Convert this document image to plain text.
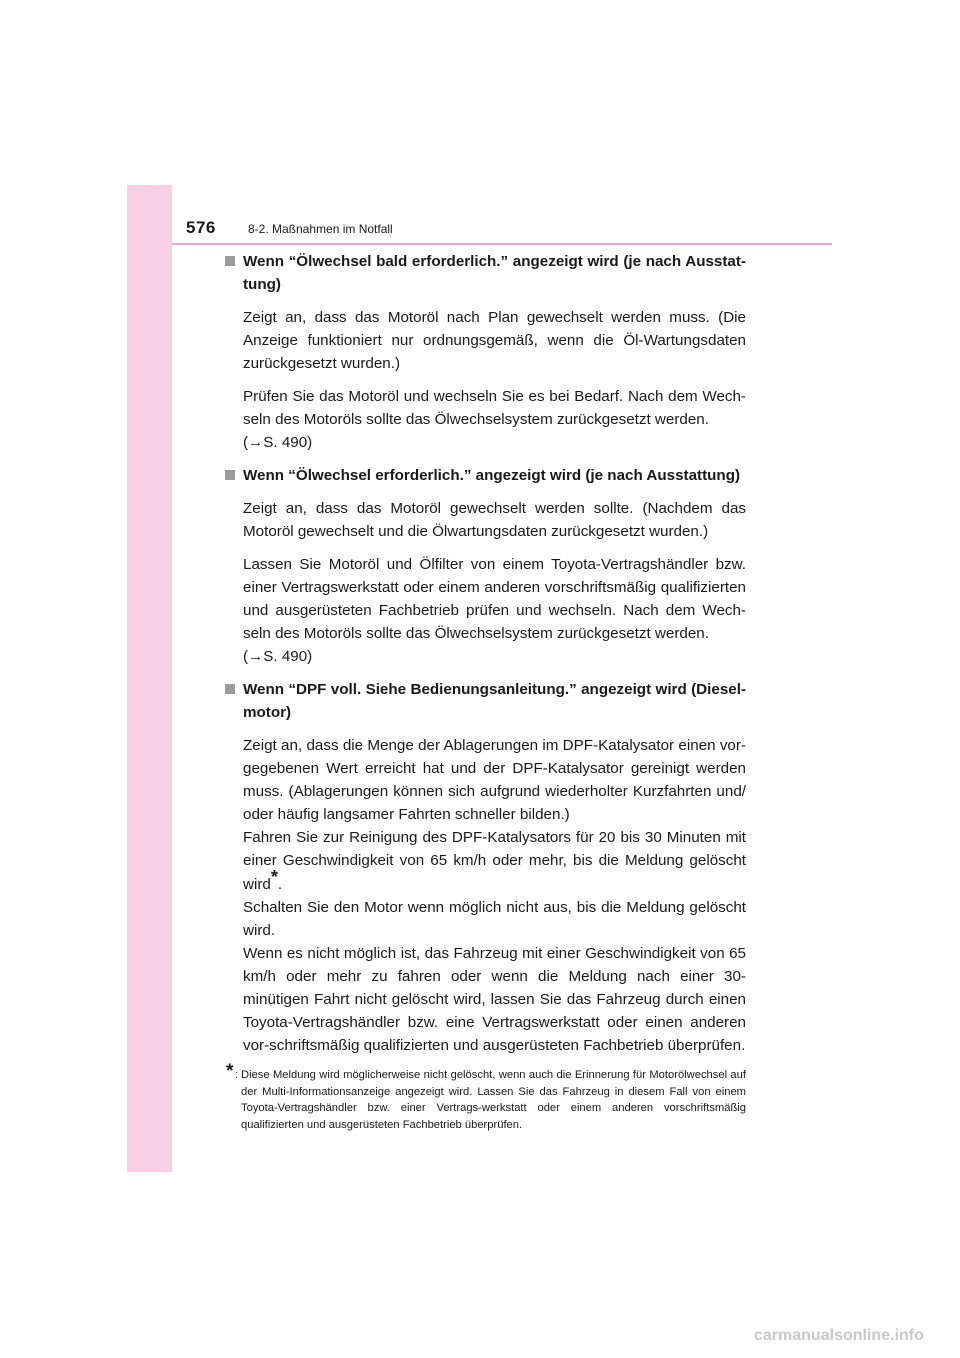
576	8-2. Maßnahmen im Notfall
Wenn “Ölwechsel bald erforderlich.” angezeigt wird (je nach Ausstat-tung)
Zeigt an, dass das Motoröl nach Plan gewechselt werden muss. (Die Anzeige funktioniert nur ordnungsgemäß, wenn die Öl-Wartungsdaten zurückgesetzt wurden.)
Prüfen Sie das Motoröl und wechseln Sie es bei Bedarf. Nach dem Wech-seln des Motoröls sollte das Ölwechselsystem zurückgesetzt werden.
(→S. 490)
Wenn “Ölwechsel erforderlich.” angezeigt wird (je nach Ausstattung)
Zeigt an, dass das Motoröl gewechselt werden sollte. (Nachdem das Motoröl gewechselt und die Ölwartungsdaten zurückgesetzt wurden.)
Lassen Sie Motoröl und Ölfilter von einem Toyota-Vertragshändler bzw. einer Vertragswerkstatt oder einem anderen vorschriftsmäßig qualifizierten und ausgerüsteten Fachbetrieb prüfen und wechseln. Nach dem Wech-seln des Motoröls sollte das Ölwechselsystem zurückgesetzt werden.
(→S. 490)
Wenn “DPF voll. Siehe Bedienungsanleitung.” angezeigt wird (Diesel-motor)
Zeigt an, dass die Menge der Ablagerungen im DPF-Katalysator einen vor-gegebenen Wert erreicht hat und der DPF-Katalysator gereinigt werden muss. (Ablagerungen können sich aufgrund wiederholter Kurzfahrten und/ oder häufig langsamer Fahrten schneller bilden.)
Fahren Sie zur Reinigung des DPF-Katalysators für 20 bis 30 Minuten mit einer Geschwindigkeit von 65 km/h oder mehr, bis die Meldung gelöscht wird*.
Schalten Sie den Motor wenn möglich nicht aus, bis die Meldung gelöscht wird.
Wenn es nicht möglich ist, das Fahrzeug mit einer Geschwindigkeit von 65 km/h oder mehr zu fahren oder wenn die Meldung nach einer 30-minütigen Fahrt nicht gelöscht wird, lassen Sie das Fahrzeug durch einen Toyota-Vertragshändler bzw. eine Vertragswerkstatt oder einen anderen vor-schriftsmäßig qualifizierten und ausgerüsteten Fachbetrieb überprüfen.
* : Diese Meldung wird möglicherweise nicht gelöscht, wenn auch die Erinnerung für Motorölwechsel auf der Multi-Informationsanzeige angezeigt wird. Lassen Sie das Fahrzeug in diesem Fall von einem Toyota-Vertragshändler bzw. einer Vertrags-werkstatt oder einem anderen vorschriftsmäßig qualifizierten und ausgerüsteten Fachbetrieb überprüfen.
carmanualsonline.info
